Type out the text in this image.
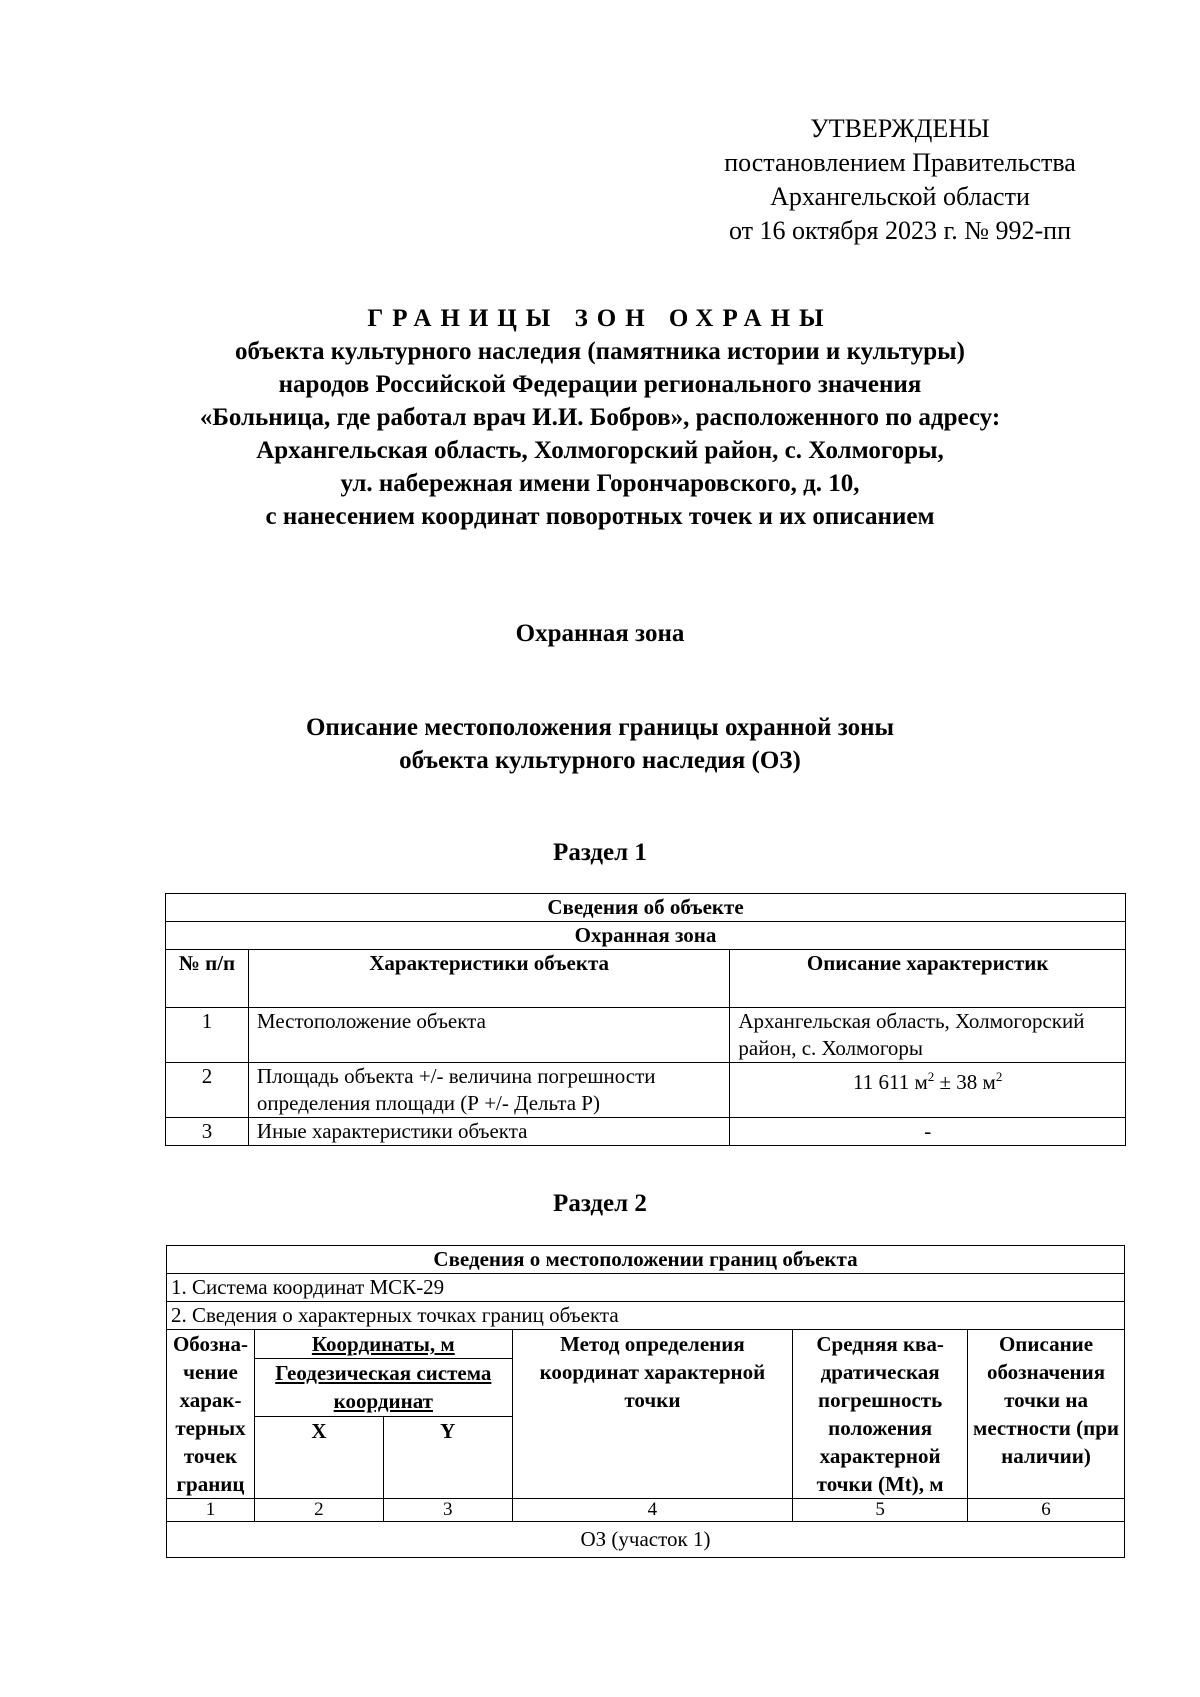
УТВЕРЖДЕНЫ
постановлением Правительства
Архангельской области
от 16 октября 2023 г. № 992-пп
ГРАНИЦЫ ЗОН ОХРАНЫ
объекта культурного наследия (памятника истории и культуры)
народов Российской Федерации регионального значения
«Больница, где работал врач И.И. Бобров», расположенного по адресу:
Архангельская область, Холмогорский район, с. Холмогоры,
ул. набережная имени Горончаровского, д. 10,
с нанесением координат поворотных точек и их описанием
Охранная зона
Описание местоположения границы охранной зоны
объекта культурного наследия (ОЗ)
Раздел 1
Сведения об объекте		
Охранная зона		
№ п/п	Характеристики объекта	Описание характеристик
1	Местоположение объекта	Архангельская область, Холмогорский район, с. Холмогоры
2	Площадь объекта +/- величина погрешности определения площади (Р +/- Дельта Р)	11 611 $м^2 \pm 38$ $м^2$
3	Иные характеристики объекта	-
Раздел 2
Сведения о местоположении границ объекта					
1. Система координат МСК-29					
2. Сведения о характерных точках границ объекта					
Обозна-чение харак-терных точек границ	Координаты, м		Метод определения координат характерной точки	Средняя ква-дратическая погрешность положения характерной точки (Mt), м	Описание обозначения точки на местности (при наличии)
	Геодезическая система координат				
	X	Y			
1	2	3	4	5	6
ОЗ (участок 1)					
